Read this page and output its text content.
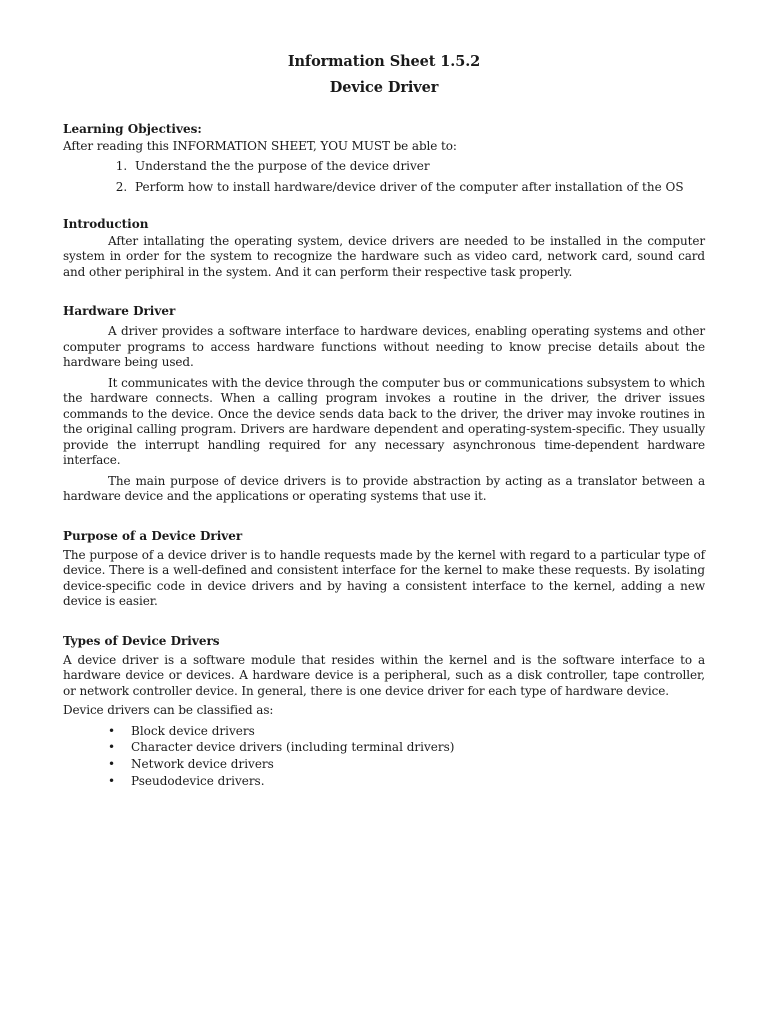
Information Sheet 1.5.2

Device Driver

Learning Objectives:

After reading this INFORMATION SHEET, YOU MUST be able to:

1. Understand the the purpose of the device driver
2. Perform how to install hardware/device driver of the computer after installation of the OS
Introduction

After intallating the operating system, device drivers are needed to be installed in the computer system in order for the system to recognize the hardware such as video card, network card, sound card and other periphiral in the system. And it can perform their respective task properly.

Hardware Driver

A driver provides a software interface to hardware devices, enabling operating systems and other computer programs to access hardware functions without needing to know precise details about the hardware being used.

It communicates with the device through the computer bus or communications subsystem to which the hardware connects. When a calling program invokes a routine in the driver, the driver issues commands to the device. Once the device sends data back to the driver, the driver may invoke routines in the original calling program. Drivers are hardware dependent and operating-system-specific. They usually provide the interrupt handling required for any necessary asynchronous time-dependent hardware interface.

The main purpose of device drivers is to provide abstraction by acting as a translator between a hardware device and the applications or operating systems that use it.

Purpose of a Device Driver

The purpose of a device driver is to handle requests made by the kernel with regard to a particular type of device. There is a well-defined and consistent interface for the kernel to make these requests. By isolating device-specific code in device drivers and by having a consistent interface to the kernel, adding a new device is easier.

Types of Device Drivers

A device driver is a software module that resides within the kernel and is the software interface to a hardware device or devices. A hardware device is a peripheral, such as a disk controller, tape controller, or network controller device. In general, there is one device driver for each type of hardware device.

Device drivers can be classified as:

• Block device drivers
• Character device drivers (including terminal drivers)
• Network device drivers
• Pseudodevice drivers.
